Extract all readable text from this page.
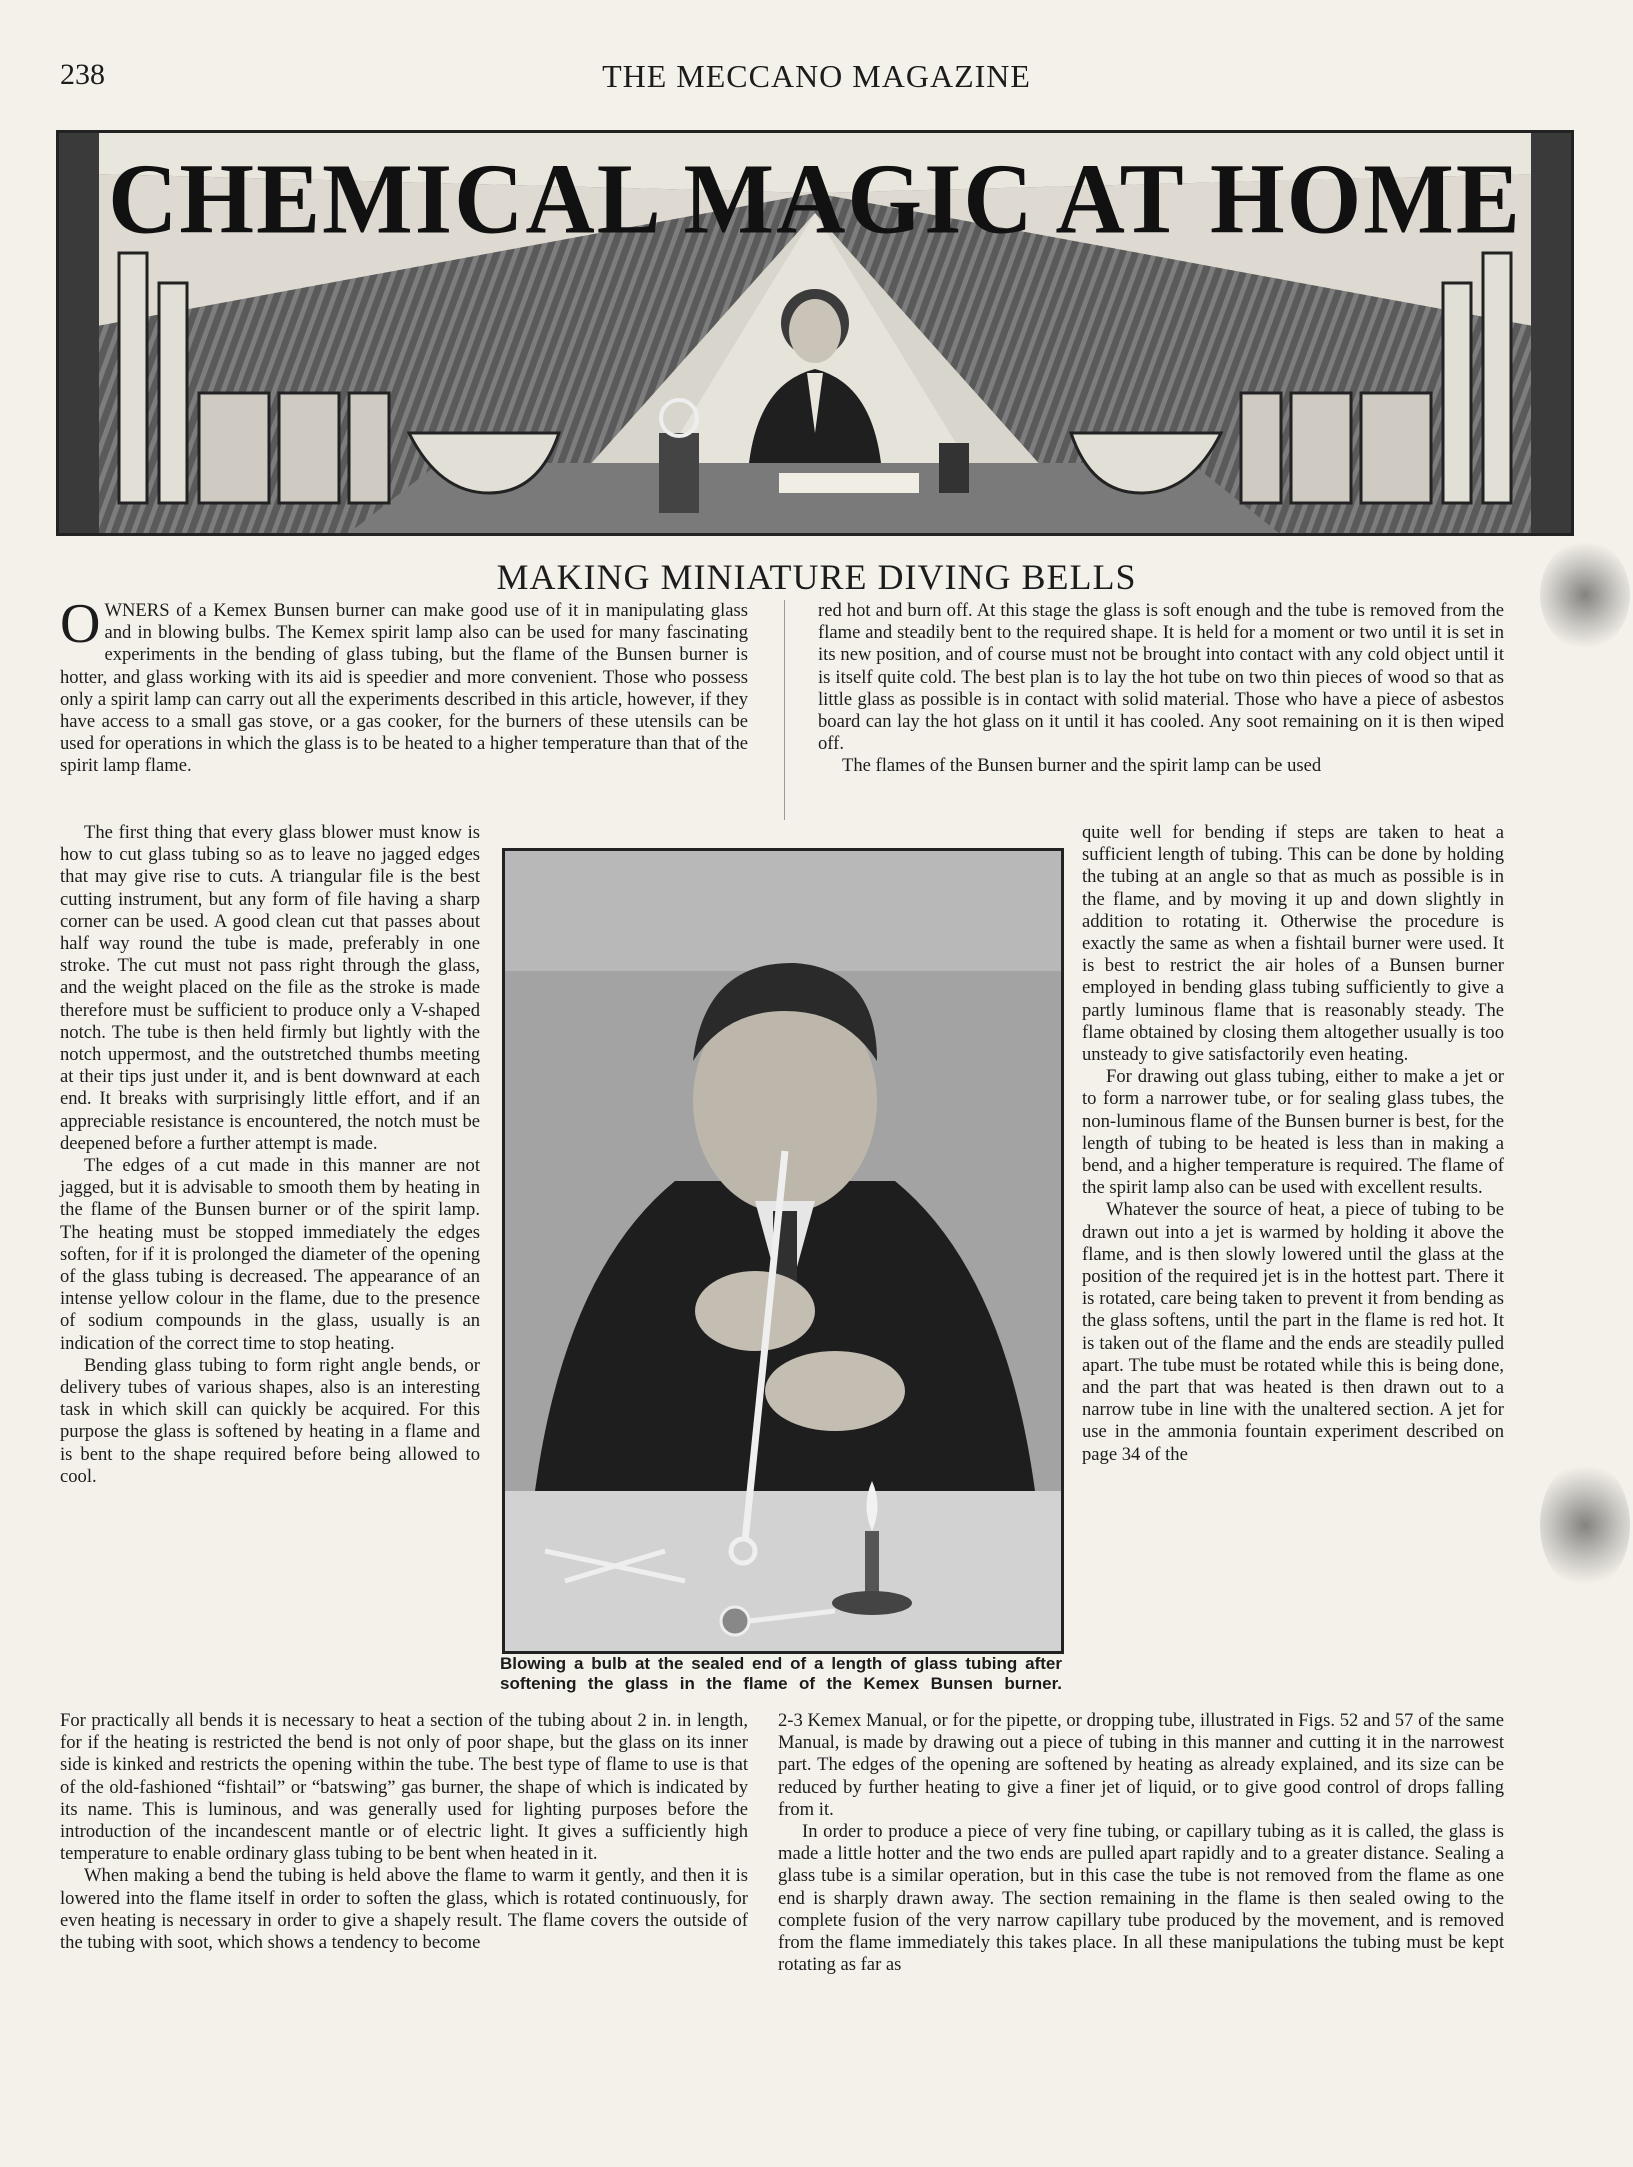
238	THE MECCANO MAGAZINE
CHEMICAL MAGIC AT HOME
MAKING MINIATURE DIVING BELLS

OWNERS of a Kemex Bunsen burner can make good use of it in manipulating glass and in blowing bulbs. The Kemex spirit lamp also can be used for many fascinating experiments in the bending of glass tubing, but the flame of the Bunsen burner is hotter, and glass working with its aid is speedier and more convenient. Those who possess only a spirit lamp can carry out all the experiments described in this article, however, if they have access to a small gas stove, or a gas cooker, for the burners of these utensils can be used for operations in which the glass is to be heated to a higher temperature than that of the spirit lamp flame.

The first thing that every glass blower must know is how to cut glass tubing so as to leave no jagged edges that may give rise to cuts. A triangular file is the best cutting instrument, but any form of file having a sharp corner can be used. A good clean cut that passes about half way round the tube is made, preferably in one stroke. The cut must not pass right through the glass, and the weight placed on the file as the stroke is made therefore must be sufficient to produce only a V-shaped notch. The tube is then held firmly but lightly with the notch uppermost, and the outstretched thumbs meeting at their tips just under it, and is bent downward at each end. It breaks with surprisingly little effort, and if an appreciable resistance is encountered, the notch must be deepened before a further attempt is made.

The edges of a cut made in this manner are not jagged, but it is advisable to smooth them by heating in the flame of the Bunsen burner or of the spirit lamp. The heating must be stopped immediately the edges soften, for if it is prolonged the diameter of the opening of the glass tubing is decreased. The appearance of an intense yellow colour in the flame, due to the presence of sodium compounds in the glass, usually is an indication of the correct time to stop heating.

Bending glass tubing to form right angle bends, or delivery tubes of various shapes, also is an interesting task in which skill can quickly be acquired. For this purpose the glass is softened by heating in a flame and is bent to the shape required before being allowed to cool.

For practically all bends it is necessary to heat a section of the tubing about 2 in. in length, for if the heating is restricted the bend is not only of poor shape, but the glass on its inner side is kinked and restricts the opening within the tube. The best type of flame to use is that of the old-fashioned “fishtail” or “batswing” gas burner, the shape of which is indicated by its name. This is luminous, and was generally used for lighting purposes before the introduction of the incandescent mantle or of electric light. It gives a sufficiently high temperature to enable ordinary glass tubing to be bent when heated in it.

When making a bend the tubing is held above the flame to warm it gently, and then it is lowered into the flame itself in order to soften the glass, which is rotated continuously, for even heating is necessary in order to give a shapely result. The flame covers the outside of the tubing with soot, which shows a tendency to become

red hot and burn off. At this stage the glass is soft enough and the tube is removed from the flame and steadily bent to the required shape. It is held for a moment or two until it is set in its new position, and of course must not be brought into contact with any cold object until it is itself quite cold. The best plan is to lay the hot tube on two thin pieces of wood so that as little glass as possible is in contact with solid material. Those who have a piece of asbestos board can lay the hot glass on it until it has cooled. Any soot remaining on it is then wiped off.

The flames of the Bunsen burner and the spirit lamp can be used

quite well for bending if steps are taken to heat a sufficient length of tubing. This can be done by holding the tubing at an angle so that as much as possible is in the flame, and by moving it up and down slightly in addition to rotating it. Otherwise the procedure is exactly the same as when a fishtail burner were used. It is best to restrict the air holes of a Bunsen burner employed in bending glass tubing sufficiently to give a partly luminous flame that is reasonably steady. The flame obtained by closing them altogether usually is too unsteady to give satisfactorily even heating.

For drawing out glass tubing, either to make a jet or to form a narrower tube, or for sealing glass tubes, the non-luminous flame of the Bunsen burner is best, for the length of tubing to be heated is less than in making a bend, and a higher temperature is required. The flame of the spirit lamp also can be used with excellent results.

Whatever the source of heat, a piece of tubing to be drawn out into a jet is warmed by holding it above the flame, and is then slowly lowered until the glass at the position of the required jet is in the hottest part. There it is rotated, care being taken to prevent it from bending as the glass softens, until the part in the flame is red hot. It is taken out of the flame and the ends are steadily pulled apart. The tube must be rotated while this is being done, and the part that was heated is then drawn out to a narrow tube in line with the unaltered section. A jet for use in the ammonia fountain experiment described on page 34 of the

2-3 Kemex Manual, or for the pipette, or dropping tube, illustrated in Figs. 52 and 57 of the same Manual, is made by drawing out a piece of tubing in this manner and cutting it in the narrowest part. The edges of the opening are softened by heating as already explained, and its size can be reduced by further heating to give a finer jet of liquid, or to give good control of drops falling from it.

In order to produce a piece of very fine tubing, or capillary tubing as it is called, the glass is made a little hotter and the two ends are pulled apart rapidly and to a greater distance. Sealing a glass tube is a similar operation, but in this case the tube is not removed from the flame as one end is sharply drawn away. The section remaining in the flame is then sealed owing to the complete fusion of the very narrow capillary tube produced by the movement, and is removed from the flame immediately this takes place. In all these manipulations the tubing must be kept rotating as far as

Blowing a bulb at the sealed end of a length of glass tubing after softening the glass in the flame of the Kemex Bunsen burner.
